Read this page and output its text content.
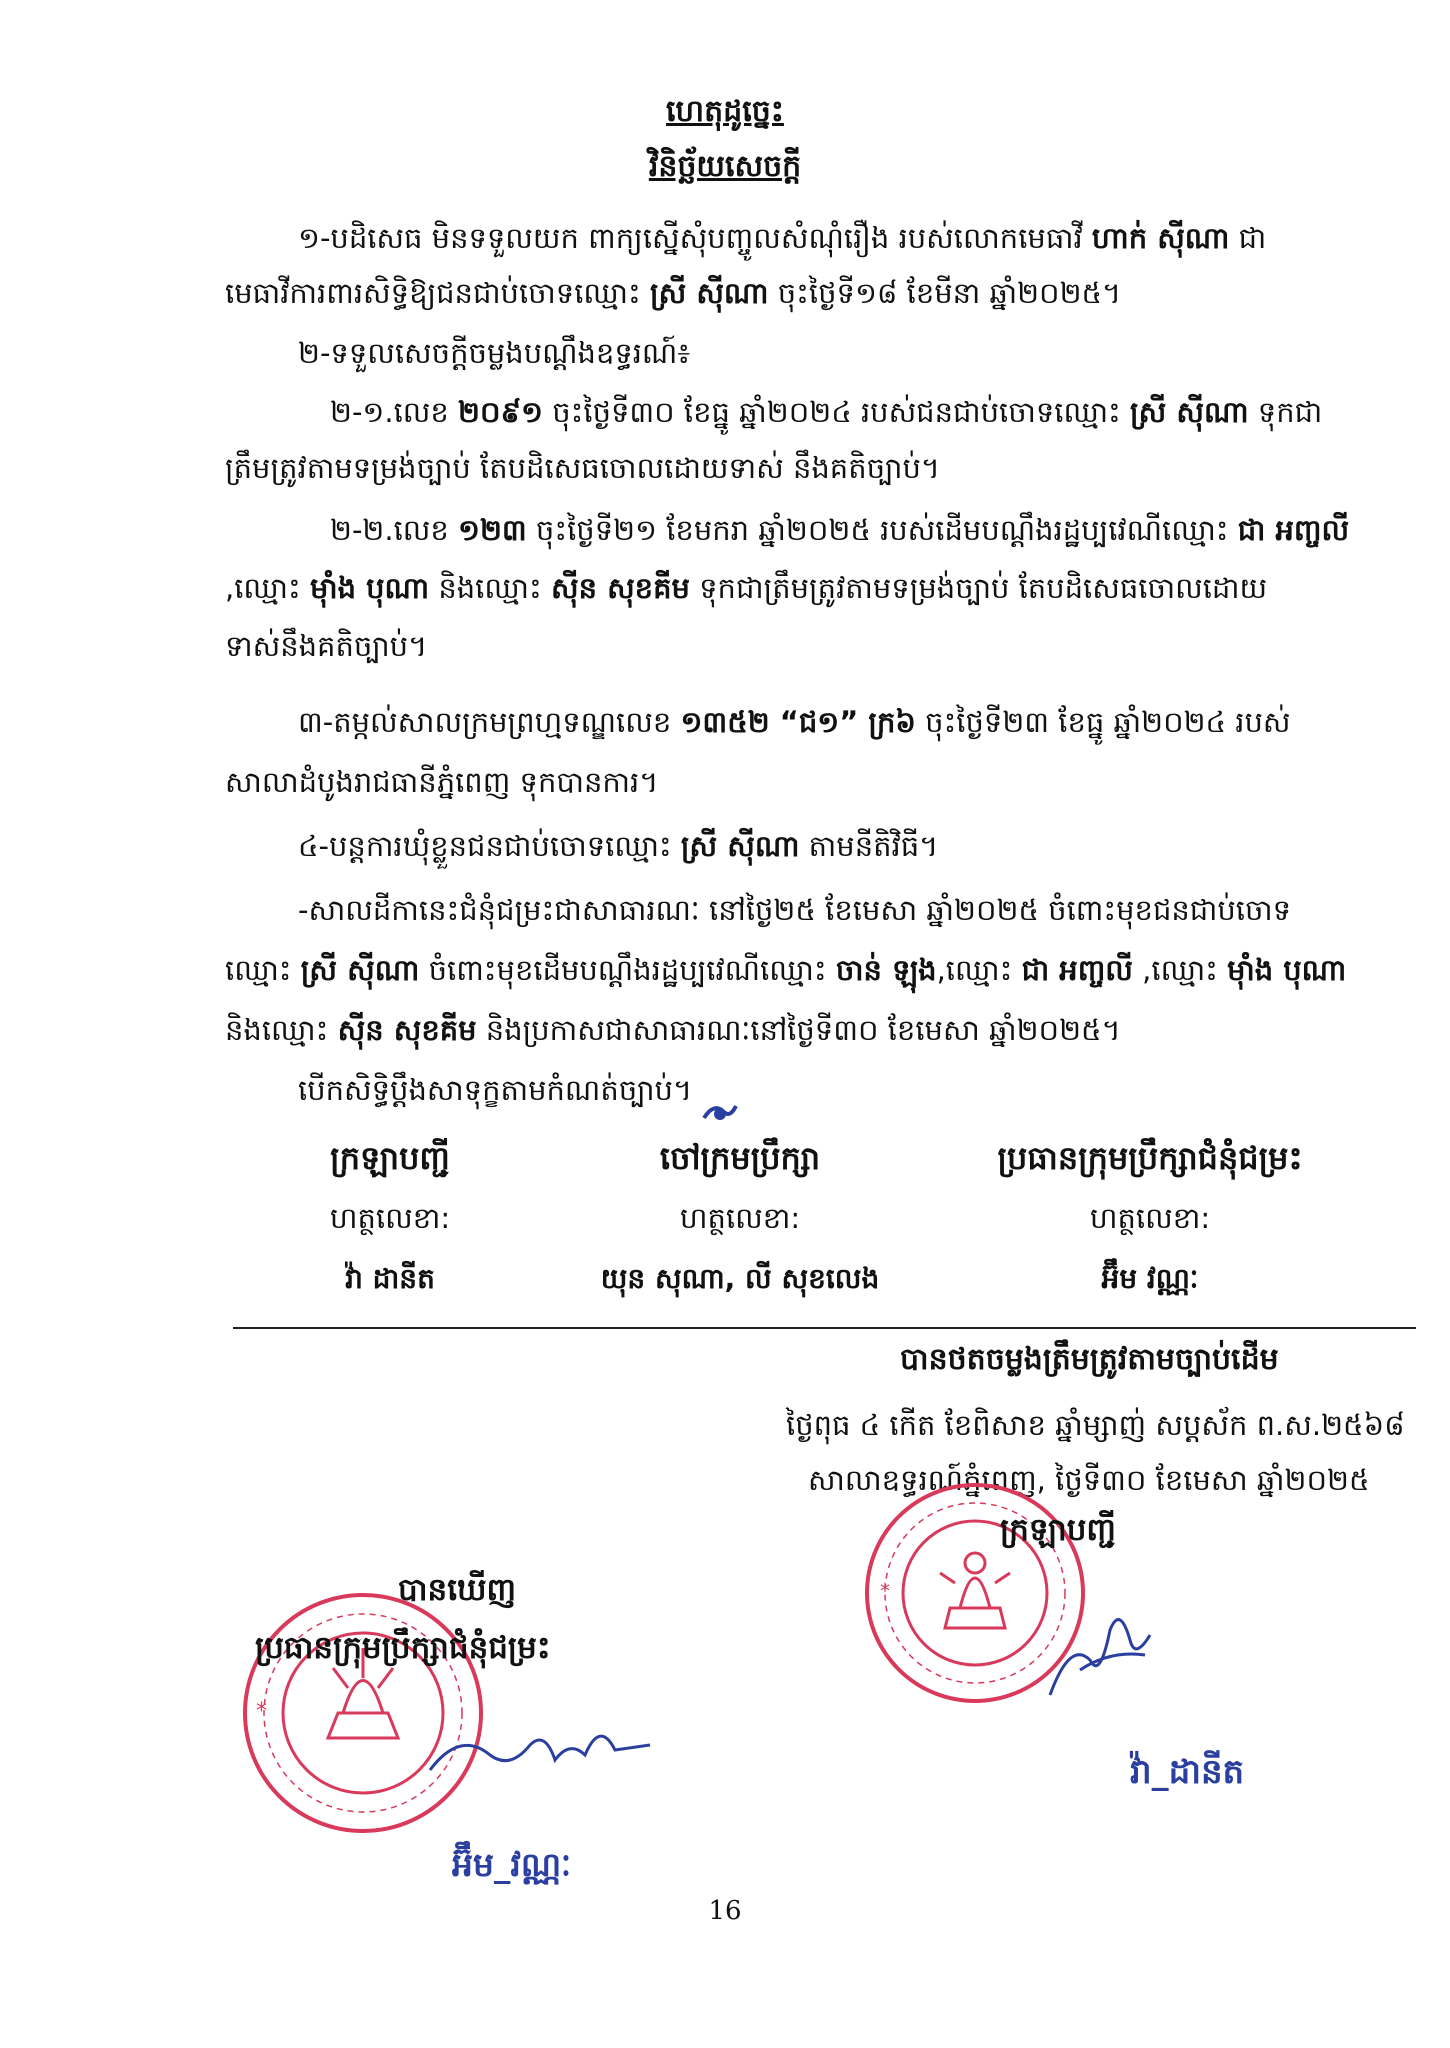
ហេតុដូច្នេះ
វិនិច្ឆ័យសេចក្តី
១-បដិសេធ មិនទទួលយក ពាក្យស្នើសុំបញ្ចូលសំណុំរឿង របស់លោកមេធាវី ហាក់ ស៊ីណា ជា
មេធាវីការពារសិទ្ធិឱ្យជនជាប់ចោទឈ្មោះ ស្រី ស៊ីណា ចុះថ្ងៃទី១៨ ខែមីនា ឆ្នាំ២០២៥។
២-ទទួលសេចក្តីចម្លងបណ្តឹងឧទ្ធរណ៍៖
២-១.លេខ ២០៩១ ចុះថ្ងៃទី៣០ ខែធ្នូ ឆ្នាំ២០២៤ របស់ជនជាប់ចោទឈ្មោះ ស្រី ស៊ីណា ទុកជា
ត្រឹមត្រូវតាមទម្រង់ច្បាប់ តែបដិសេធចោលដោយទាស់ នឹងគតិច្បាប់។
២-២.លេខ ១២៣ ចុះថ្ងៃទី២១ ខែមករា ឆ្នាំ២០២៥ របស់ដើមបណ្តឹងរដ្ឋប្បវេណីឈ្មោះ ជា អញ្ចលី
,ឈ្មោះ ម៉ាំង បុណា និងឈ្មោះ ស៊ីន សុខគីម ទុកជាត្រឹមត្រូវតាមទម្រង់ច្បាប់ តែបដិសេធចោលដោយ
ទាស់នឹងគតិច្បាប់។
៣-តម្កល់សាលក្រមព្រហ្មទណ្ឌលេខ ១៣៥២ “ជ១” ក្រ៦ ចុះថ្ងៃទី២៣ ខែធ្នូ ឆ្នាំ២០២៤ របស់
សាលាដំបូងរាជធានីភ្នំពេញ ទុកបានការ។
៤-បន្តការឃុំខ្លួនជនជាប់ចោទឈ្មោះ ស្រី ស៊ីណា តាមនីតិវិធី។
-សាលដីកានេះជំនុំជម្រះជាសាធារណៈ នៅថ្ងៃ២៥ ខែមេសា ឆ្នាំ២០២៥ ចំពោះមុខជនជាប់ចោទ
ឈ្មោះ ស្រី ស៊ីណា ចំពោះមុខដើមបណ្តឹងរដ្ឋប្បវេណីឈ្មោះ ចាន់ ឡុង,ឈ្មោះ ជា អញ្ចលី ,ឈ្មោះ ម៉ាំង បុណា
និងឈ្មោះ ស៊ីន សុខគីម និងប្រកាសជាសាធារណៈនៅថ្ងៃទី៣០ ខែមេសា ឆ្នាំ២០២៥។
បើកសិទ្ធិប្តឹងសាទុក្ខតាមកំណត់ច្បាប់។
ក្រឡាបញ្ជី
ហត្ថលេខា:
វ៉ា ដានីត
ចៅក្រមប្រឹក្សា
ហត្ថលេខា:
យុន សុណា, លី សុខលេង
ប្រធានក្រុមប្រឹក្សាជំនុំជម្រះ
ហត្ថលេខា:
អ៊ឹម វណ្ណៈ
បានថតចម្លងត្រឹមត្រូវតាមច្បាប់ដើម
ថ្ងៃពុធ ៤ កើត ខែពិសាខ ឆ្នាំម្សាញ់ សប្តស័ក ព.ស.២៥៦៨
សាលាឧទ្ធរណ៍ភ្នំពេញ, ថ្ងៃទី៣០ ខែមេសា ឆ្នាំ២០២៥
*
ក្រឡាបញ្ជី
វ៉ា_ដានីត
*
បានឃើញ
ប្រធានក្រុមប្រឹក្សាជំនុំជម្រះ
អ៊ឹម_វណ្ណៈ
16
